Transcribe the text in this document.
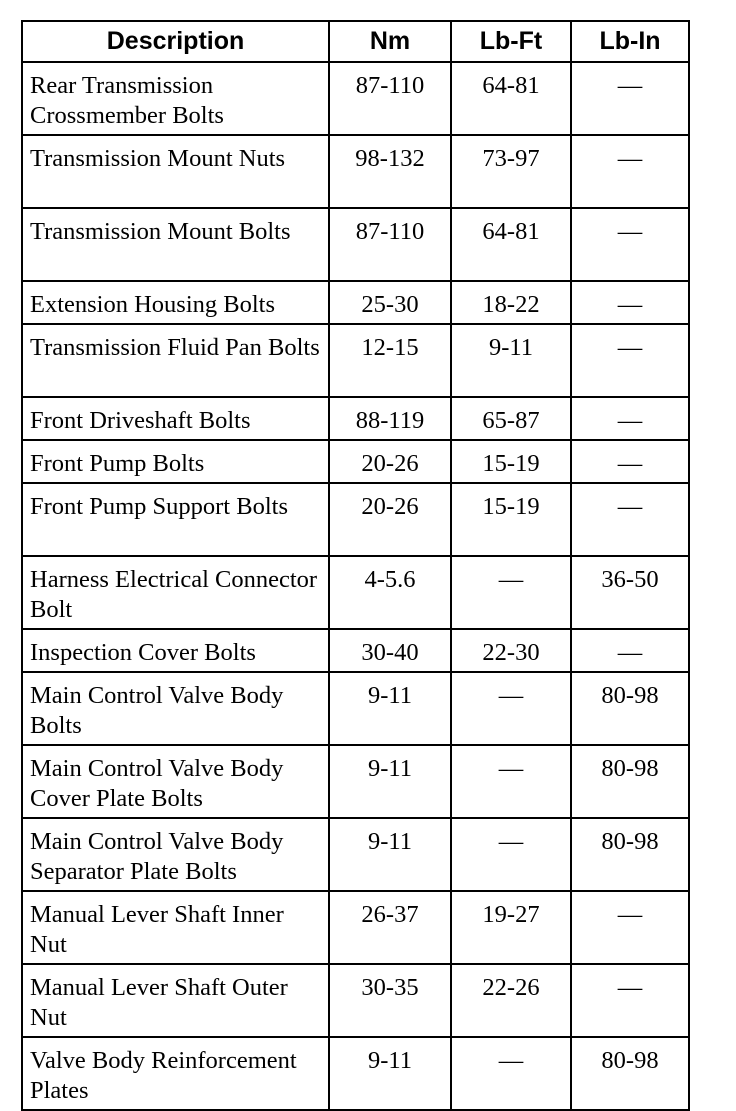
Description	Nm	Lb-Ft	Lb-In
Rear Transmission Crossmember Bolts	87-110	64-81	—
Transmission Mount Nuts	98-132	73-97	—
Transmission Mount Bolts	87-110	64-81	—
Extension Housing Bolts	25-30	18-22	—
Transmission Fluid Pan Bolts	12-15	9-11	—
Front Driveshaft Bolts	88-119	65-87	—
Front Pump Bolts	20-26	15-19	—
Front Pump Support Bolts	20-26	15-19	—
Harness Electrical Connector Bolt	4-5.6	—	36-50
Inspection Cover Bolts	30-40	22-30	—
Main Control Valve Body Bolts	9-11	—	80-98
Main Control Valve Body Cover Plate Bolts	9-11	—	80-98
Main Control Valve Body Separator Plate Bolts	9-11	—	80-98
Manual Lever Shaft Inner Nut	26-37	19-27	—
Manual Lever Shaft Outer Nut	30-35	22-26	—
Valve Body Reinforcement Plates	9-11	—	80-98
